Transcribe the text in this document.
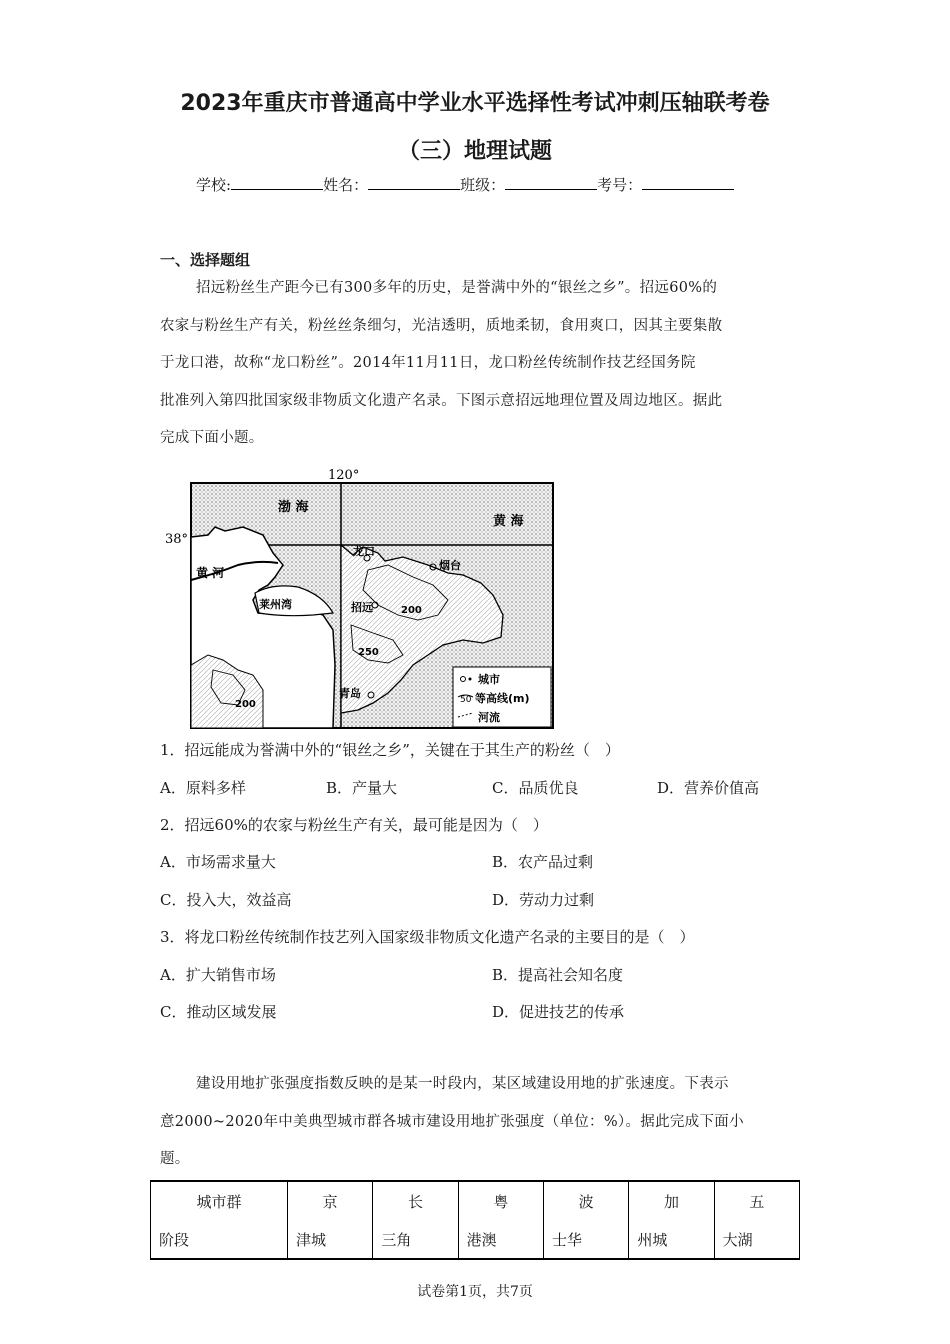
2023年重庆市普通高中学业水平选择性考试冲刺压轴联考卷
（三）地理试题
学校:	姓名：	班级：	考号：
一、选择题组
招远粉丝生产距今已有300多年的历史，是誉满中外的“银丝之乡”。招远60%的
农家与粉丝生产有关，粉丝丝条细匀，光洁透明，质地柔韧，食用爽口，因其主要集散
于龙口港，故称“龙口粉丝”。2014年11月11日，龙口粉丝传统制作技艺经国务院
批准列入第四批国家级非物质文化遗产名录。下图示意招远地理位置及周边地区。据此
完成下面小题。
120°
38°
渤 海
黄 海
黄 河
莱州湾
龙口
烟台
招远
青岛
200
250
200
城市
50 等高线(m)
河流
1．招远能成为誉满中外的“银丝之乡”，关键在于其生产的粉丝（　）
A．原料多样	B．产量大	C．品质优良	D．营养价值高
2．招远60%的农家与粉丝生产有关，最可能是因为（　）
A．市场需求量大	B．农产品过剩
C．投入大，效益高	D．劳动力过剩
3．将龙口粉丝传统制作技艺列入国家级非物质文化遗产名录的主要目的是（　）
A．扩大销售市场	B．提高社会知名度
C．推动区域发展	D．促进技艺的传承
建设用地扩张强度指数反映的是某一时段内，某区域建设用地的扩张速度。下表示
意2000~2020年中美典型城市群各城市建设用地扩张强度（单位：%）。据此完成下面小
题。
城市群	京	长	粤	波	加	五
阶段	津城	三角	港澳	士华	州城	大湖
试卷第1页，共7页
